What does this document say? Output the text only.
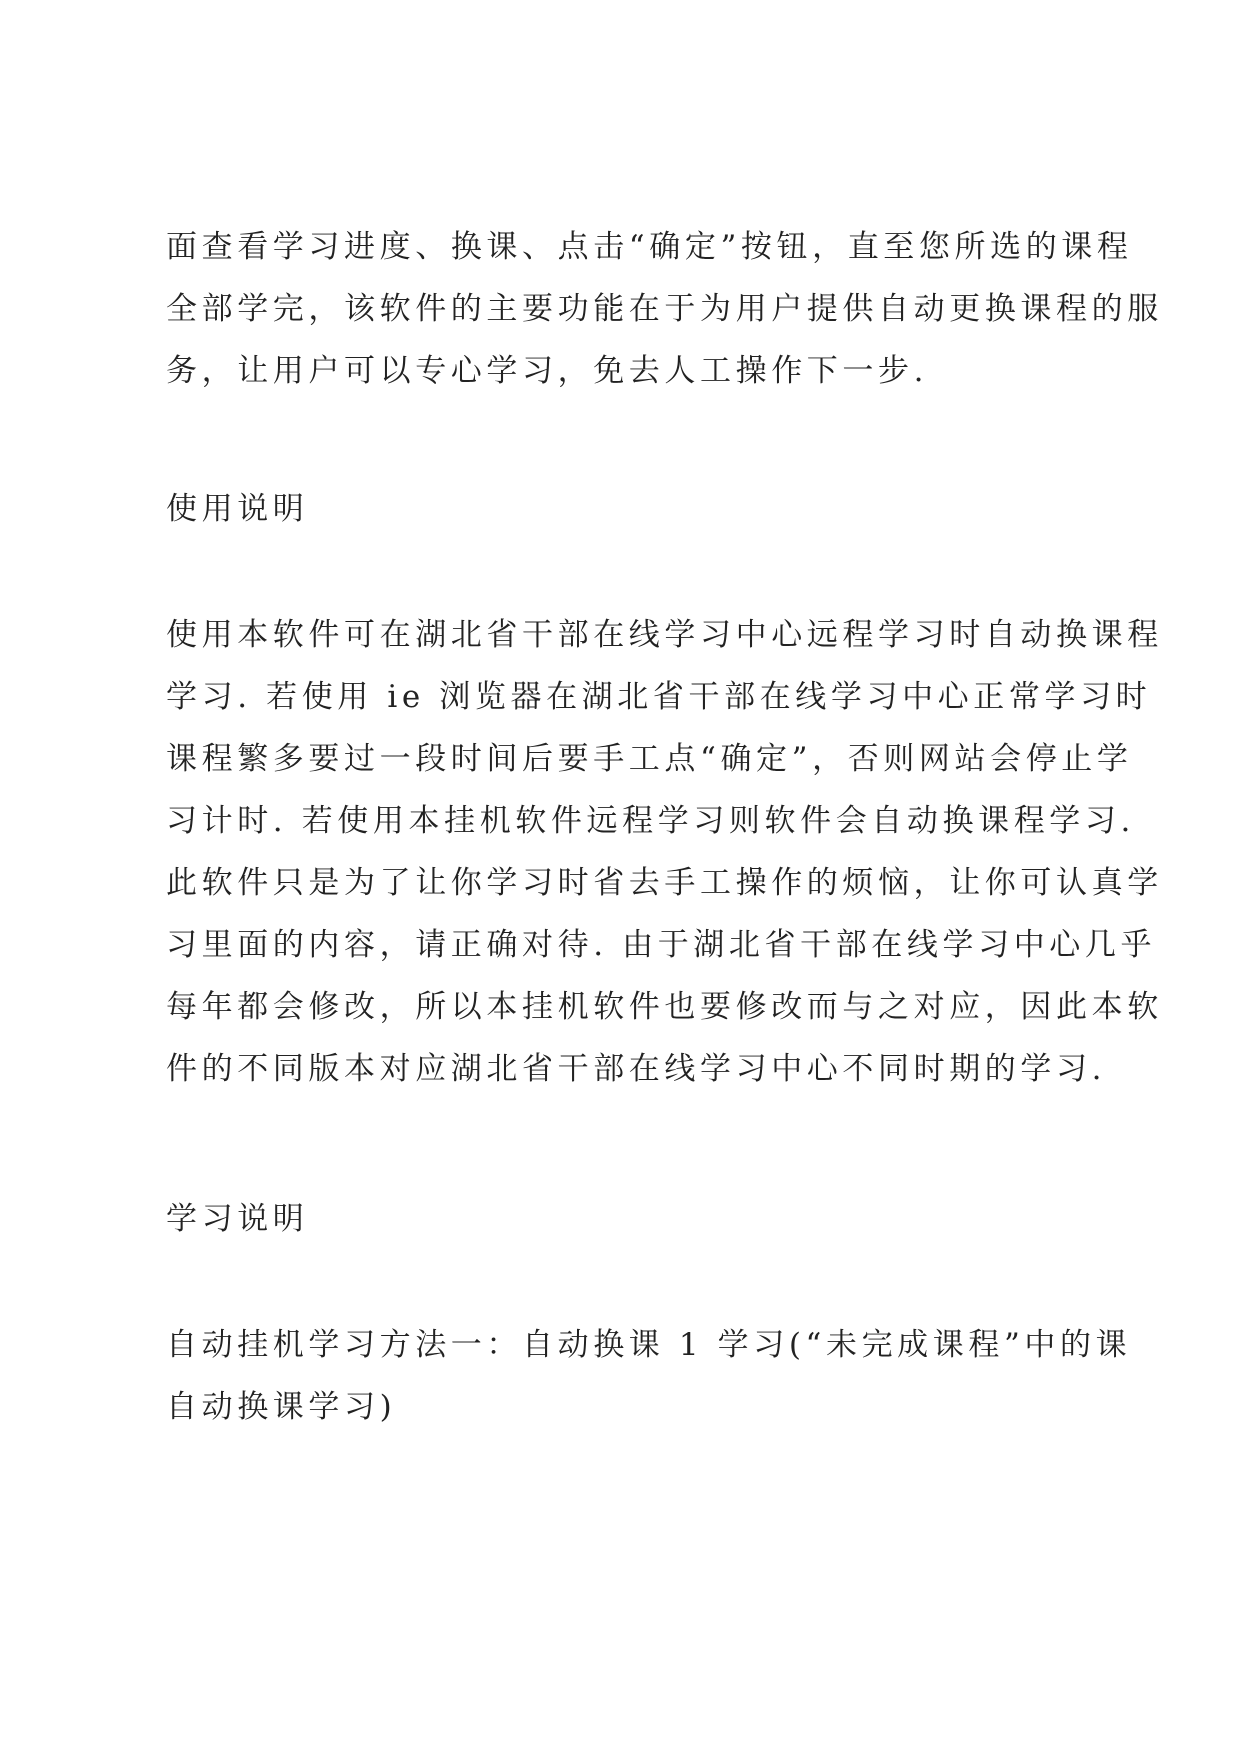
面查看学习进度、换课、点击“确定”按钮，直至您所选的课程
全部学完，该软件的主要功能在于为用户提供自动更换课程的服
务，让用户可以专心学习，免去人工操作下一步.
使用说明
使用本软件可在湖北省干部在线学习中心远程学习时自动换课程
学习. 若使用 ie 浏览器在湖北省干部在线学习中心正常学习时
课程繁多要过一段时间后要手工点“确定”，否则网站会停止学
习计时. 若使用本挂机软件远程学习则软件会自动换课程学习.
此软件只是为了让你学习时省去手工操作的烦恼，让你可认真学
习里面的内容，请正确对待. 由于湖北省干部在线学习中心几乎
每年都会修改，所以本挂机软件也要修改而与之对应，因此本软
件的不同版本对应湖北省干部在线学习中心不同时期的学习.
学习说明
自动挂机学习方法一：自动换课 1 学习(“未完成课程”中的课
自动换课学习)
